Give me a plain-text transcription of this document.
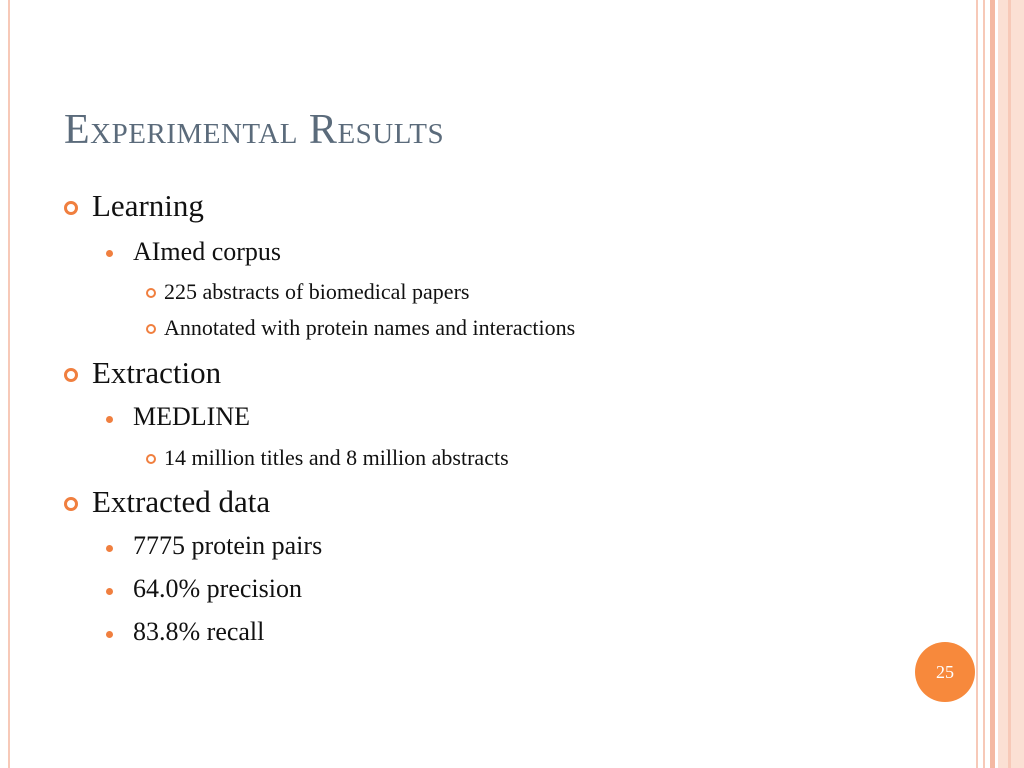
Experimental Results
Learning
AImed corpus
225 abstracts of biomedical papers
Annotated with protein names and interactions
Extraction
MEDLINE
14 million titles and 8 million abstracts
Extracted data
7775 protein pairs
64.0% precision
83.8% recall
25
